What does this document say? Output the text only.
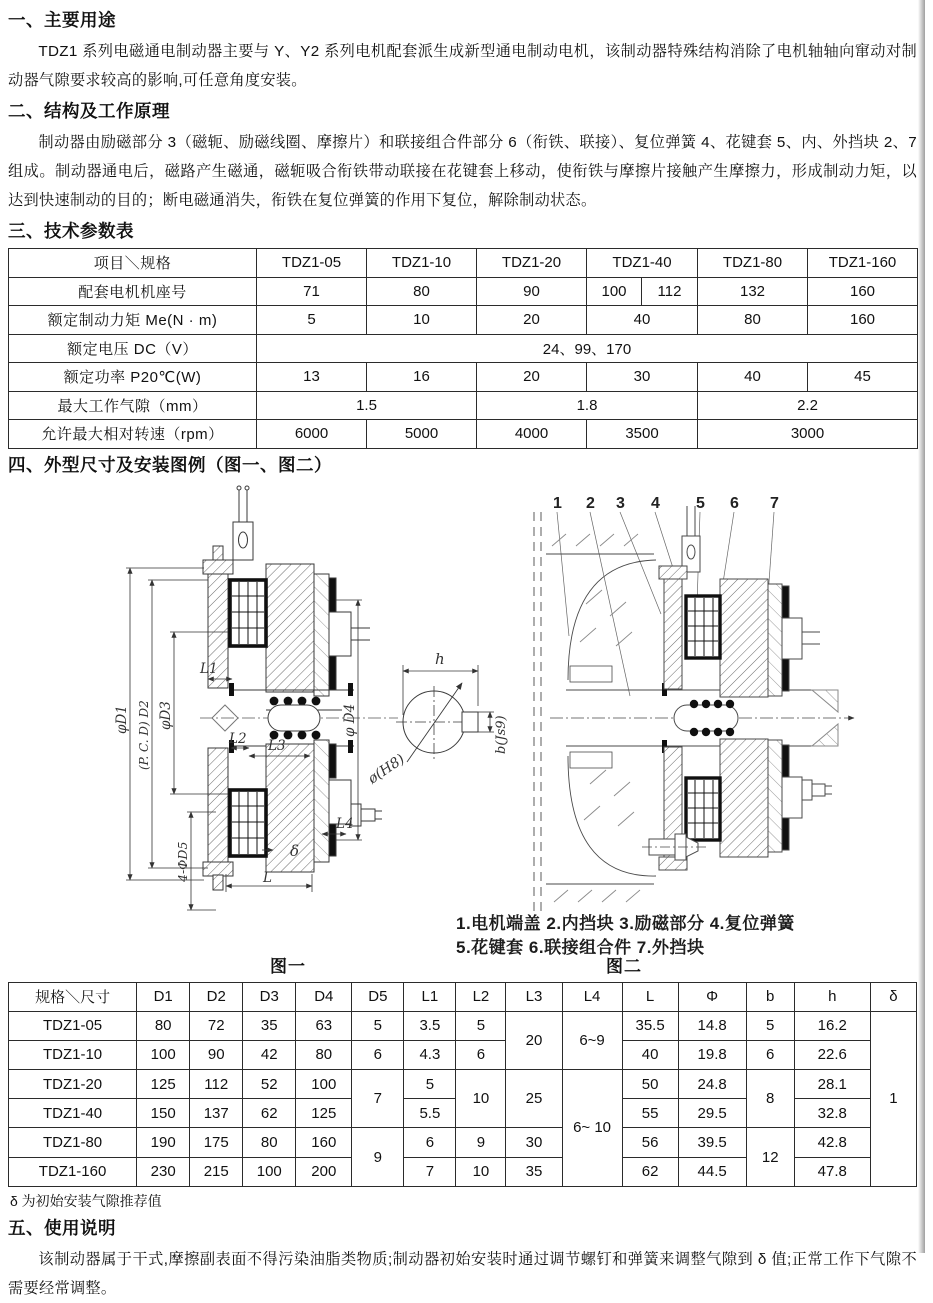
一、主要用途

TDZ1 系列电磁通电制动器主要与 Y、Y2 系列电机配套派生成新型通电制动电机，该制动器特殊结构消除了电机轴轴向窜动对制动器气隙要求较高的影响,可任意角度安装。

二、结构及工作原理

制动器由励磁部分 3（磁轭、励磁线圈、摩擦片）和联接组合件部分 6（衔铁、联接）、复位弹簧 4、花键套 5、内、外挡块 2、7 组成。制动器通电后，磁路产生磁通，磁轭吸合衔铁带动联接在花键套上移动，使衔铁与摩擦片接触产生摩擦力，形成制动力矩，以达到快速制动的目的；断电磁通消失，衔铁在复位弹簧的作用下复位，解除制动状态。

三、技术参数表
项目＼规格	TDZ1-05	TDZ1-10	TDZ1-20	TDZ1-40		TDZ1-80	TDZ1-160
配套电机机座号	71	80	90	100	112	132	160
额定制动力矩 Me(N · m)	5	10	20	40		80	160
额定电压 DC（V）	24、99、170						
额定功率 P20℃(W)	13	16	20	30		40	45
最大工作气隙（mm）	1.5		1.8			2.2	
允许最大相对转速（rpm）	6000	5000	4000	3500		3000	
四、外型尺寸及安装图例（图一、图二）
φD1 (P. C. D) D2 φD3
4-ΦD5
φ D4
L1
L2 L3
L4
δ
L
h
ø(H8)
b(Js9)
1 2 3 4 5 6 7
1.电机端盖 2.内挡块 3.励磁部分 4.复位弹簧
5.花键套 6.联接组合件 7.外挡块
图一	图二
规格＼尺寸	D1	D2	D3	D4	D5	L1	L2	L3	L4	L	Φ	b	h	δ
TDZ1-05	80	72	35	63	5	3.5	5	20	6~9	35.5	14.8	5	16.2	1
TDZ1-10	100	90	42	80	6	4.3	6			40	19.8	6	22.6	
TDZ1-20	125	112	52	100	7	5	10	25	6~ 10	50	24.8	8	28.1	
TDZ1-40	150	137	62	125		5.5				55	29.5		32.8	
TDZ1-80	190	175	80	160	9	6	9	30		56	39.5	12	42.8	
TDZ1-160	230	215	100	200		7	10	35		62	44.5		47.8	
δ 为初始安装气隙推荐值
五、使用说明

该制动器属于干式,摩擦副表面不得污染油脂类物质;制动器初始安装时通过调节螺钉和弹簧来调整气隙到 δ 值;正常工作下气隙不需要经常调整。
